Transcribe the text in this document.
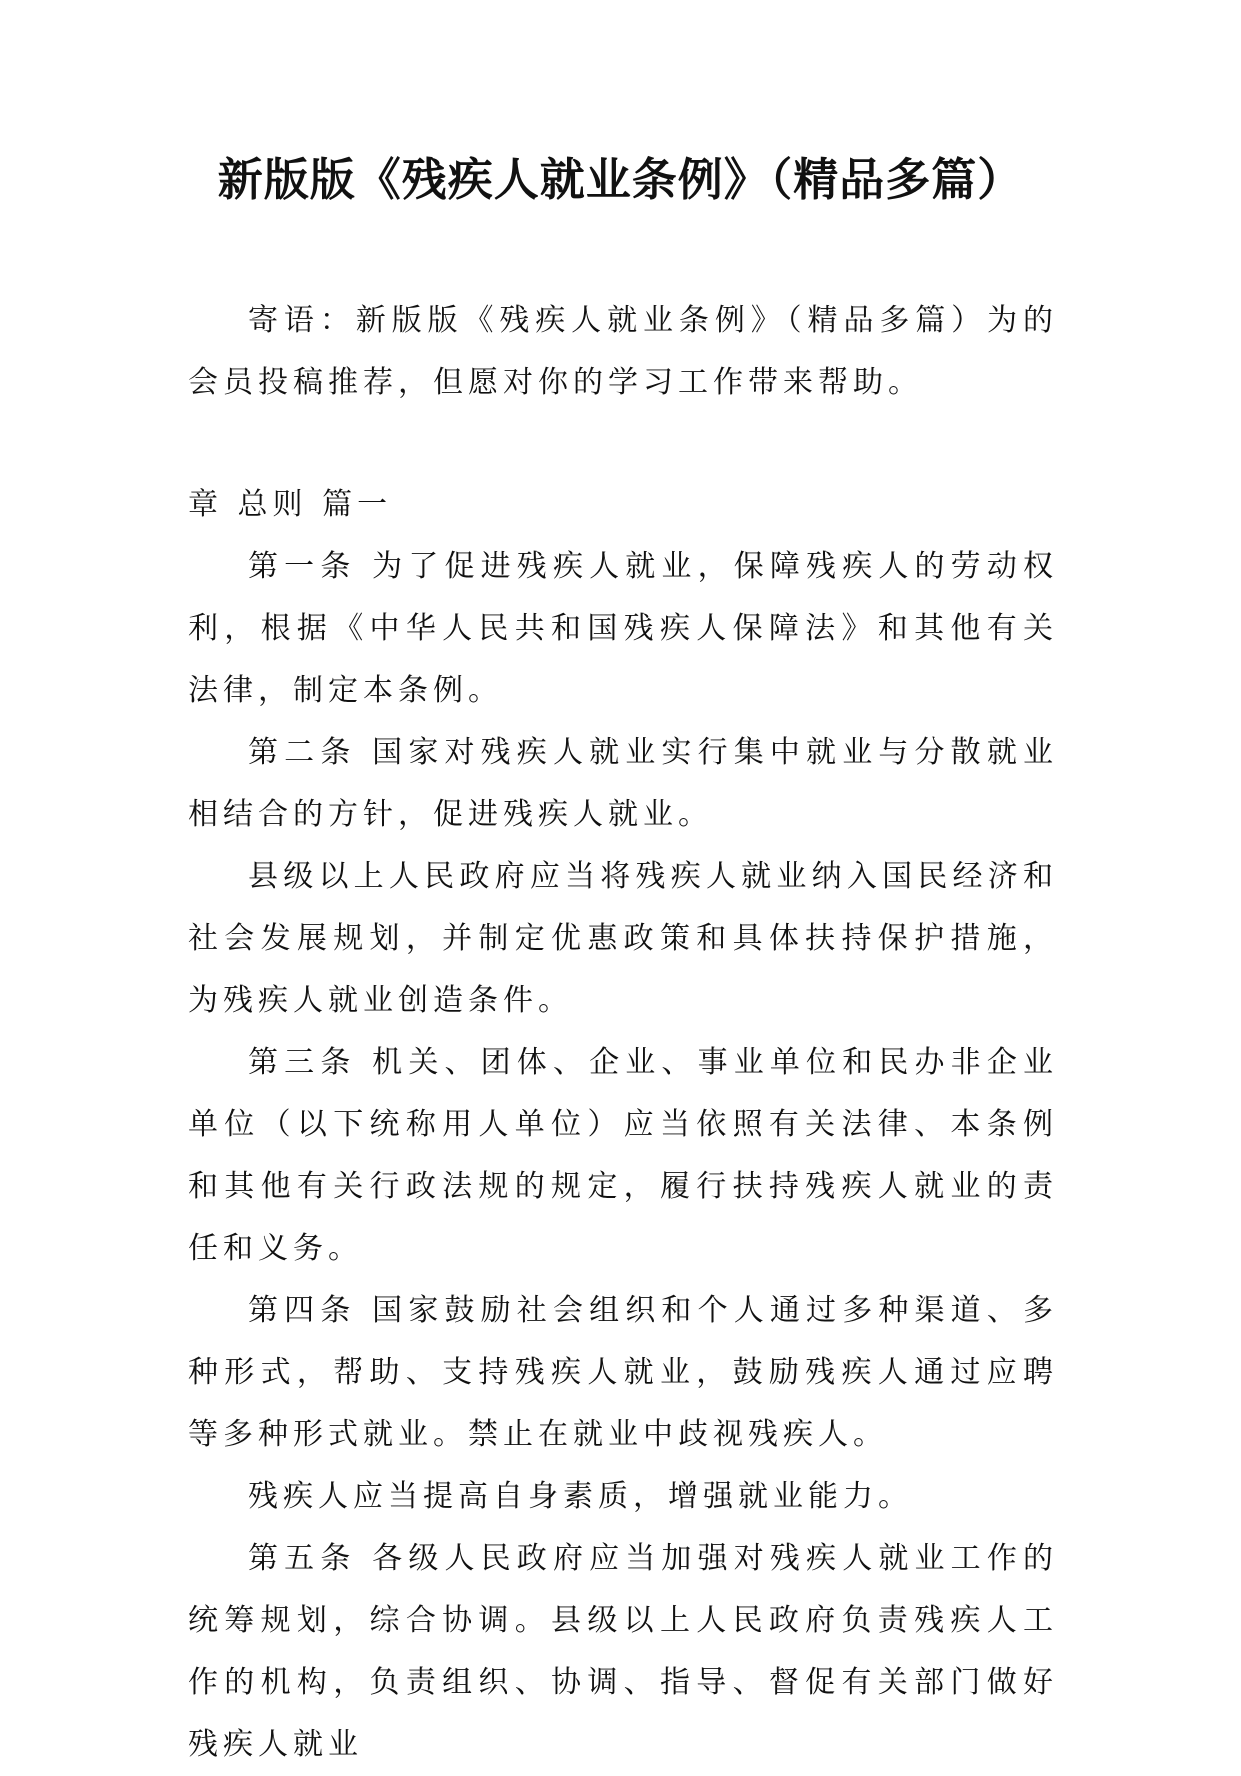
新版版《残疾人就业条例》（精品多篇）

寄语：新版版《残疾人就业条例》（精品多篇）为的会员投稿推荐，但愿对你的学习工作带来帮助。

章 总则 篇一

第一条 为了促进残疾人就业，保障残疾人的劳动权利，根据《中华人民共和国残疾人保障法》和其他有关法律，制定本条例。

第二条 国家对残疾人就业实行集中就业与分散就业相结合的方针，促进残疾人就业。

县级以上人民政府应当将残疾人就业纳入国民经济和社会发展规划，并制定优惠政策和具体扶持保护措施，为残疾人就业创造条件。

第三条 机关、团体、企业、事业单位和民办非企业单位（以下统称用人单位）应当依照有关法律、本条例和其他有关行政法规的规定，履行扶持残疾人就业的责任和义务。

第四条 国家鼓励社会组织和个人通过多种渠道、多种形式，帮助、支持残疾人就业，鼓励残疾人通过应聘等多种形式就业。禁止在就业中歧视残疾人。

残疾人应当提高自身素质，增强就业能力。

第五条 各级人民政府应当加强对残疾人就业工作的统筹规划，综合协调。县级以上人民政府负责残疾人工作的机构，负责组织、协调、指导、督促有关部门做好残疾人就业
